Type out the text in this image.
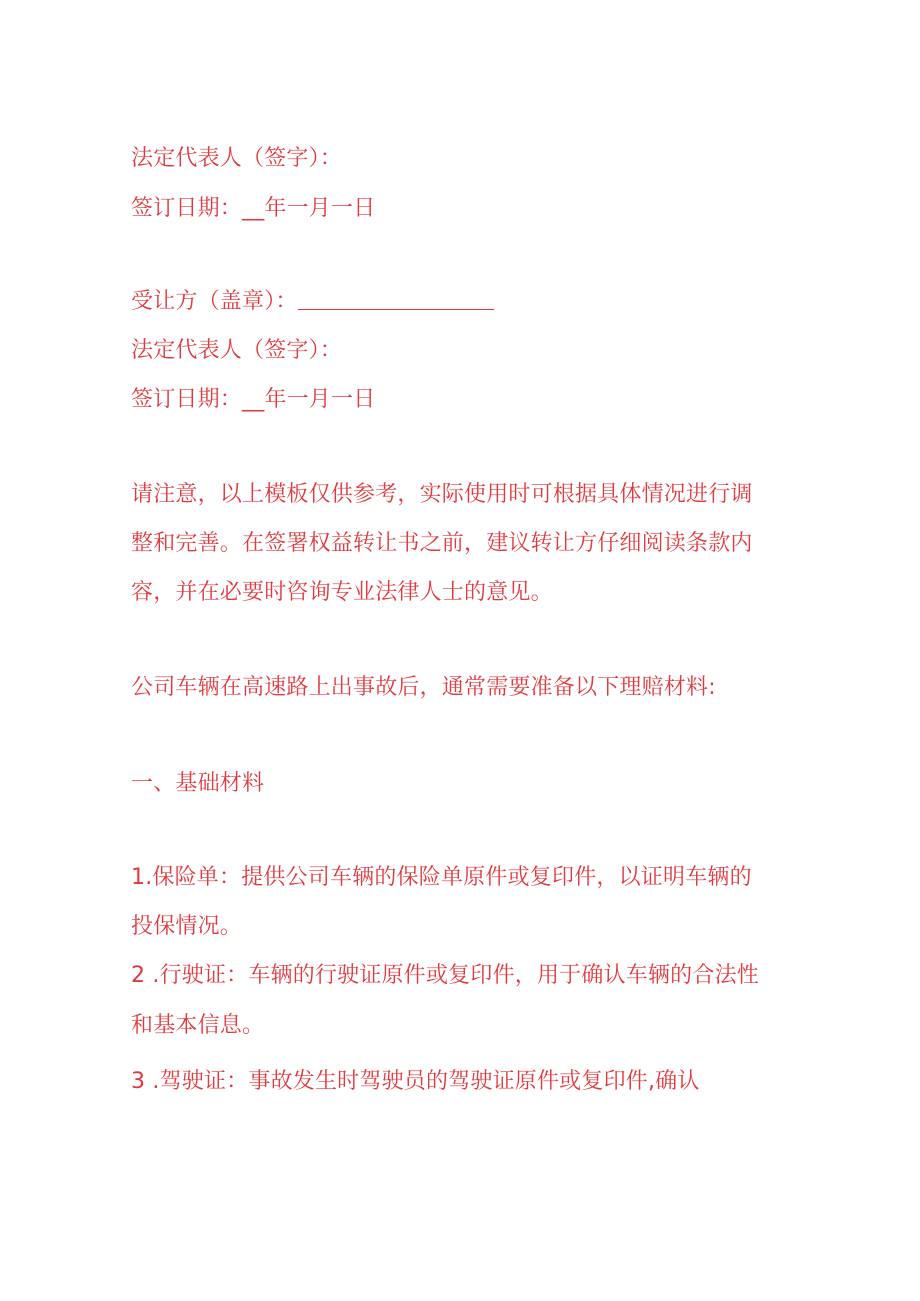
法定代表人（签字）：
签订日期：__年一月一日
受让方（盖章）：
法定代表人（签字）：
签订日期：__年一月一日
请注意，以上模板仅供参考，实际使用时可根据具体情况进行调
整和完善。在签署权益转让书之前，建议转让方仔细阅读条款内
容，并在必要时咨询专业法律人士的意见。
公司车辆在高速路上出事故后，通常需要准备以下理赔材料:
一、基础材料
1.保险单：提供公司车辆的保险单原件或复印件，以证明车辆的
投保情况。
2 .行驶证：车辆的行驶证原件或复印件，用于确认车辆的合法性
和基本信息。
3 .驾驶证：事故发生时驾驶员的驾驶证原件或复印件,确认
